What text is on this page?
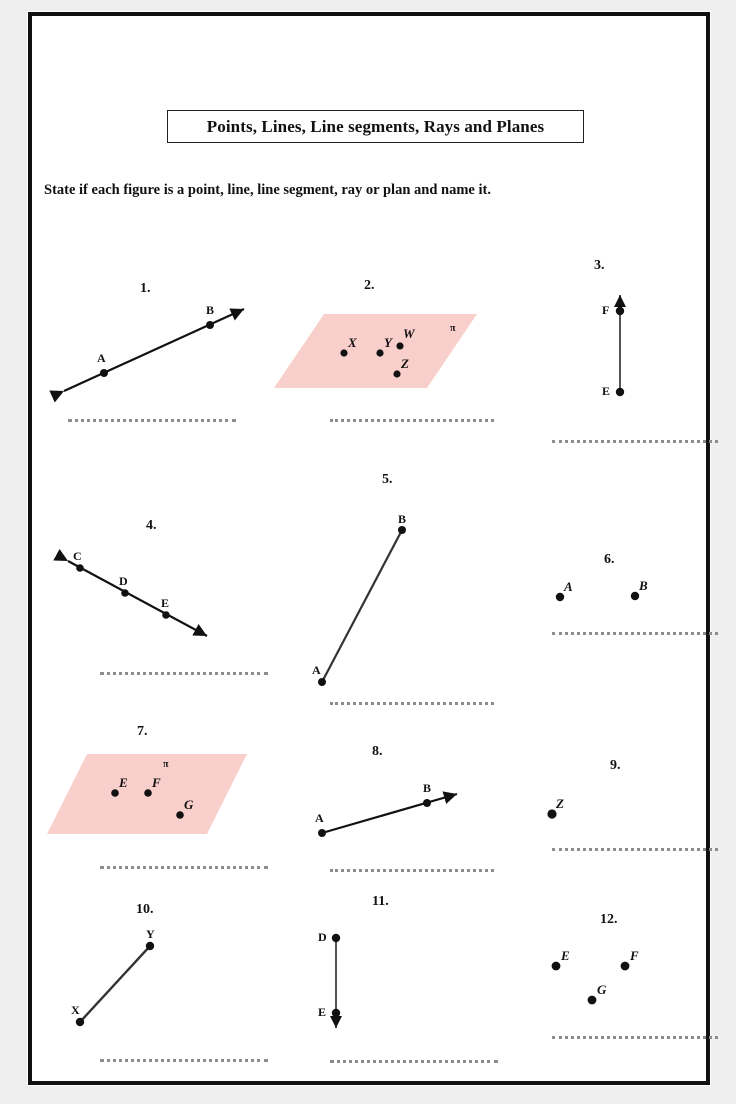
Points, Lines, Line segments, Rays and Planes
State if each figure is a point, line, line segment, ray or plan and name it.
1.
A
B
2.
X Y
W
Z
π
3.
F
E
4.
C
D
E
5.
B
A
6.
A	B
7.
E F
G
π
8.
A
B
9.
Z
10.
Y
X
11.
D
E
12.
E	F
G
